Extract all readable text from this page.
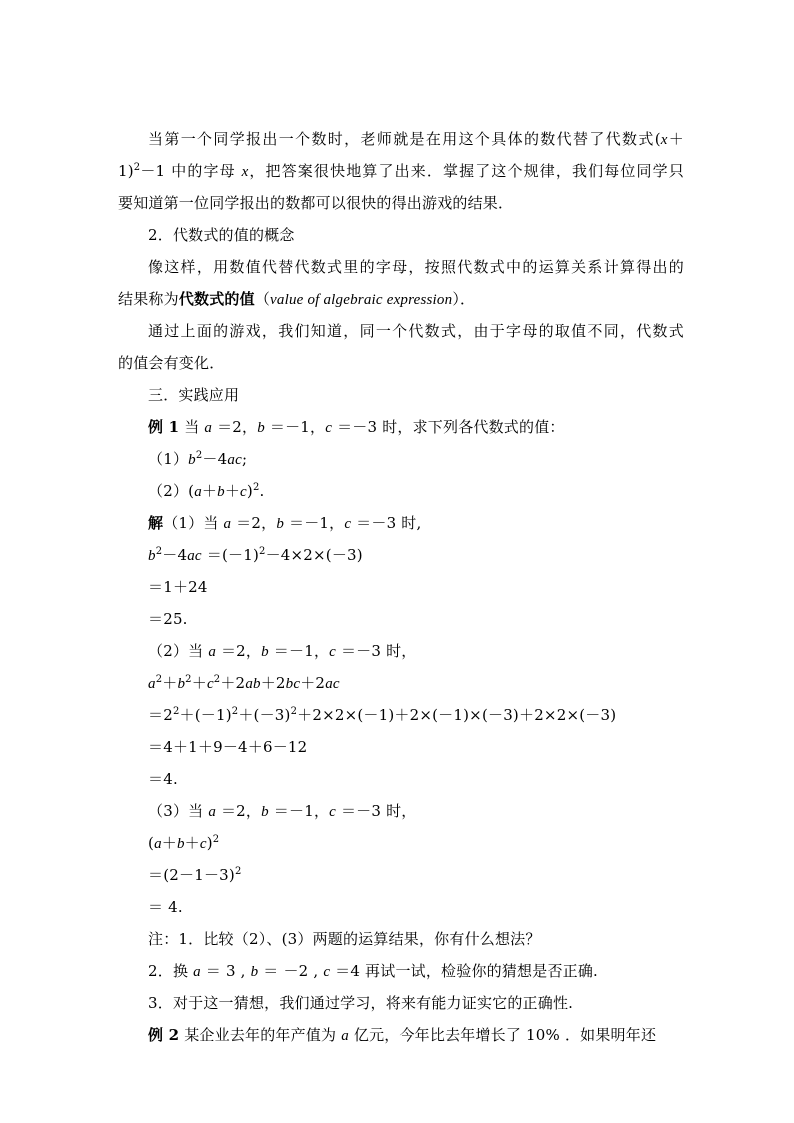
当第一个同学报出一个数时，老师就是在用这个具体的数代替了代数式(x＋
1)$^2$－1 中的字母 x，把答案很快地算了出来．掌握了这个规律，我们每位同学只
要知道第一位同学报出的数都可以很快的得出游戏的结果．
2．代数式的值的概念
像这样，用数值代替代数式里的字母，按照代数式中的运算关系计算得出的
结果称为代数式的值（value of algebraic expression）．
通过上面的游戏，我们知道，同一个代数式，由于字母的取值不同，代数式
的值会有变化．
三．实践应用
例 1 当 a ＝2，b ＝－1，c ＝－3 时，求下列各代数式的值：
$(1)b^2-4ac$;
$(2)(a+b+c)^2$.
解（1）当 a ＝2，b ＝－1，c ＝－3 时,
$b^2-4ac =(-1)^2-4\times 2\times(-3)$
＝1＋24
＝25.
（2）当 a ＝2，b ＝－1，c ＝－3 时，
$a^2+b^2+c^2+2ab+2bc+2ac$
$=2^2+(-1)^2+(-3)^2+2\times 2\times(-1)+2\times(-1)\times(-3)+2\times 2\times(-3)$
＝4＋1＋9－4＋6－12
＝4.
（3）当 a ＝2，b ＝－1，c ＝－3 时，
$(a+b+c)^2$
$=(2-1-3)^2$
＝ 4.
注：1．比较（2）、(3）两题的运算结果，你有什么想法？
2．换 a ＝ 3 , b ＝ －2 , c ＝4 再试一试，检验你的猜想是否正确.
3．对于这一猜想，我们通过学习，将来有能力证实它的正确性.
例 2 某企业去年的年产值为 a 亿元，今年比去年增长了 10% ．如果明年还
